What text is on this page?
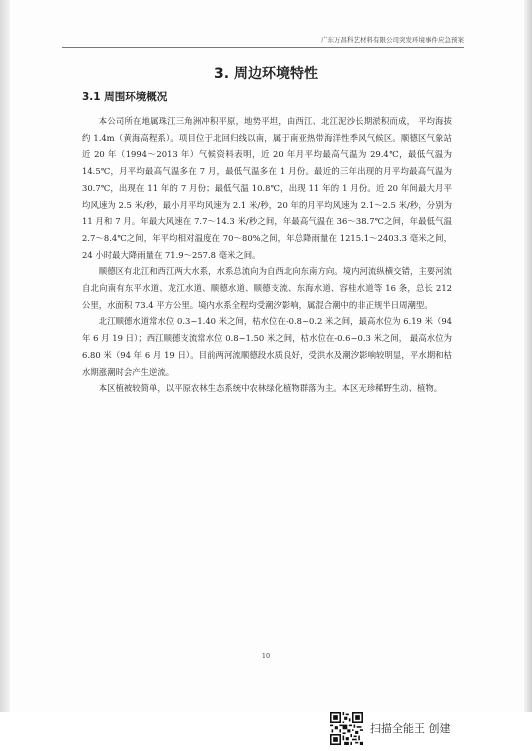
广东万昌科艺材料有限公司突发环境事件应急预案
3. 周边环境特性
3.1 周围环境概况

本公司所在地属珠江三角洲冲积平原，地势平坦，由西江、北江泥沙长期淤积而成， 平均海拔约 1.4m（黄海高程系）。项目位于北回归线以南，属于南亚热带海洋性季风气候区。顺德区气象站近 20 年（1994～2013 年）气候资料表明，近 20 年月平均最高气温为 29.4℃，最低气温为 14.5℃，月平均最高气温多在 7 月，最低气温多在 1 月份。最近的三年出现的月平均最高气温为 30.7℃，出现在 11 年的 7 月份；最低气温 10.8℃，出现 11 年的 1 月份。近 20 年间最大月平均风速为 2.5 米/秒，最小月平均风速为 2.1 米/秒，20 年的月平均风速为 2.1～2.5 米/秒，分别为 11 月和 7 月。年最大风速在 7.7～14.3 米/秒之间，年最高气温在 36～38.7℃之间，年最低气温 2.7～8.4℃之间，年平均相对温度在 70～80%之间，年总降雨量在 1215.1～2403.3 毫米之间，24 小时最大降雨量在 71.9～257.8 毫米之间。

顺德区有北江和西江两大水系，水系总流向为自西北向东南方向。境内河流纵横交错，主要河流自北向南有东平水道、龙江水道、顺德水道、顺德支流、东海水道、容桂水道等 16 条，总长 212 公里，水面积 73.4 平方公里。境内水系全程均受潮汐影响，属混合潮中的非正规半日周潮型。

北江顺德水道常水位 0.3~1.40 米之间，枯水位在-0.8~0.2 米之间，最高水位为 6.19 米（94 年 6 月 19 日）；西江顺德支流常水位 0.8~1.50 米之间，枯水位在-0.6~0.3 米之间， 最高水位为 6.80 米（94 年 6 月 19 日）。目前两河流顺德段水质良好，受洪水及潮汐影响较明显，平水期和枯水期涨潮时会产生逆流。

本区植被较简单，以平原农林生态系统中农林绿化植物群落为主。本区无珍稀野生动、植物。

10
扫描全能王 创建
